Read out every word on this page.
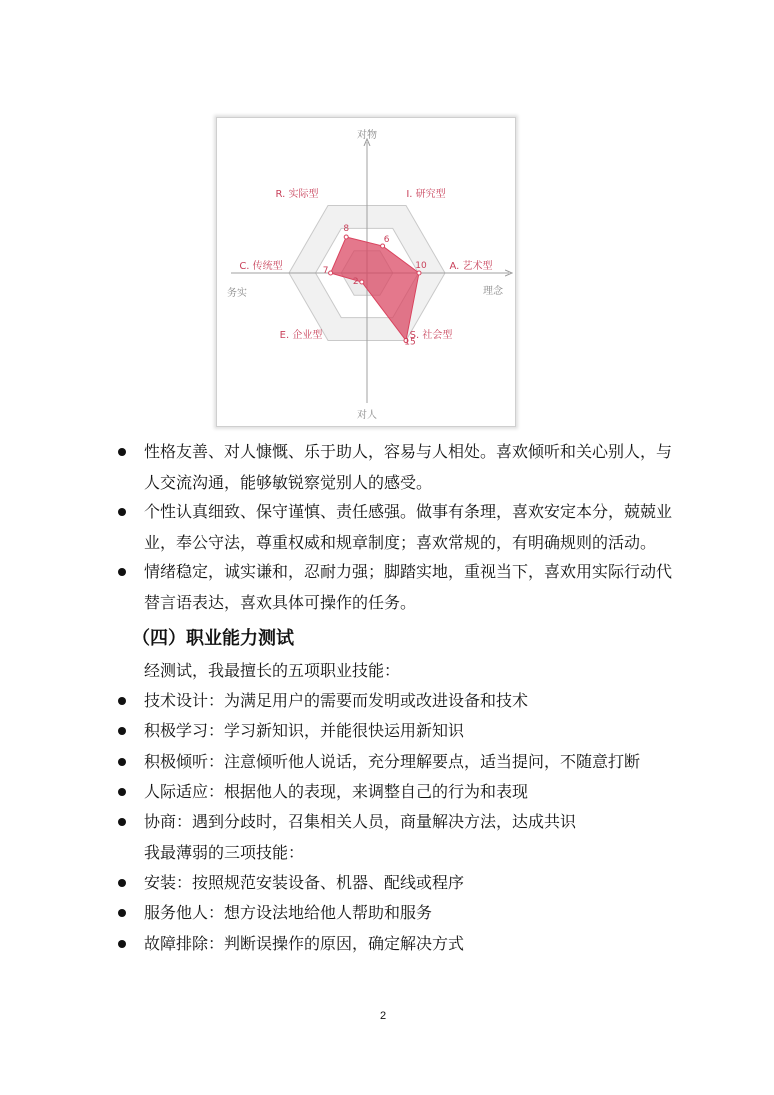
对物
对人
务实	理念
R. 实际型	I. 研究型
A. 艺术型
S. 社会型
E. 企业型
C. 传统型
8
6
10
15
2
7
性格友善、对人慷慨、乐于助人，容易与人相处。喜欢倾听和关心别人，与
人交流沟通，能够敏锐察觉别人的感受。
个性认真细致、保守谨慎、责任感强。做事有条理，喜欢安定本分，兢兢业
业，奉公守法，尊重权威和规章制度；喜欢常规的，有明确规则的活动。
情绪稳定，诚实谦和，忍耐力强；脚踏实地，重视当下，喜欢用实际行动代
替言语表达，喜欢具体可操作的任务。
（四）职业能力测试
经测试，我最擅长的五项职业技能：
技术设计：为满足用户的需要而发明或改进设备和技术
积极学习：学习新知识，并能很快运用新知识
积极倾听：注意倾听他人说话，充分理解要点，适当提问，不随意打断
人际适应：根据他人的表现，来调整自己的行为和表现
协商：遇到分歧时，召集相关人员，商量解决方法，达成共识
我最薄弱的三项技能：
安装：按照规范安装设备、机器、配线或程序
服务他人：想方设法地给他人帮助和服务
故障排除：判断误操作的原因，确定解决方式
2
